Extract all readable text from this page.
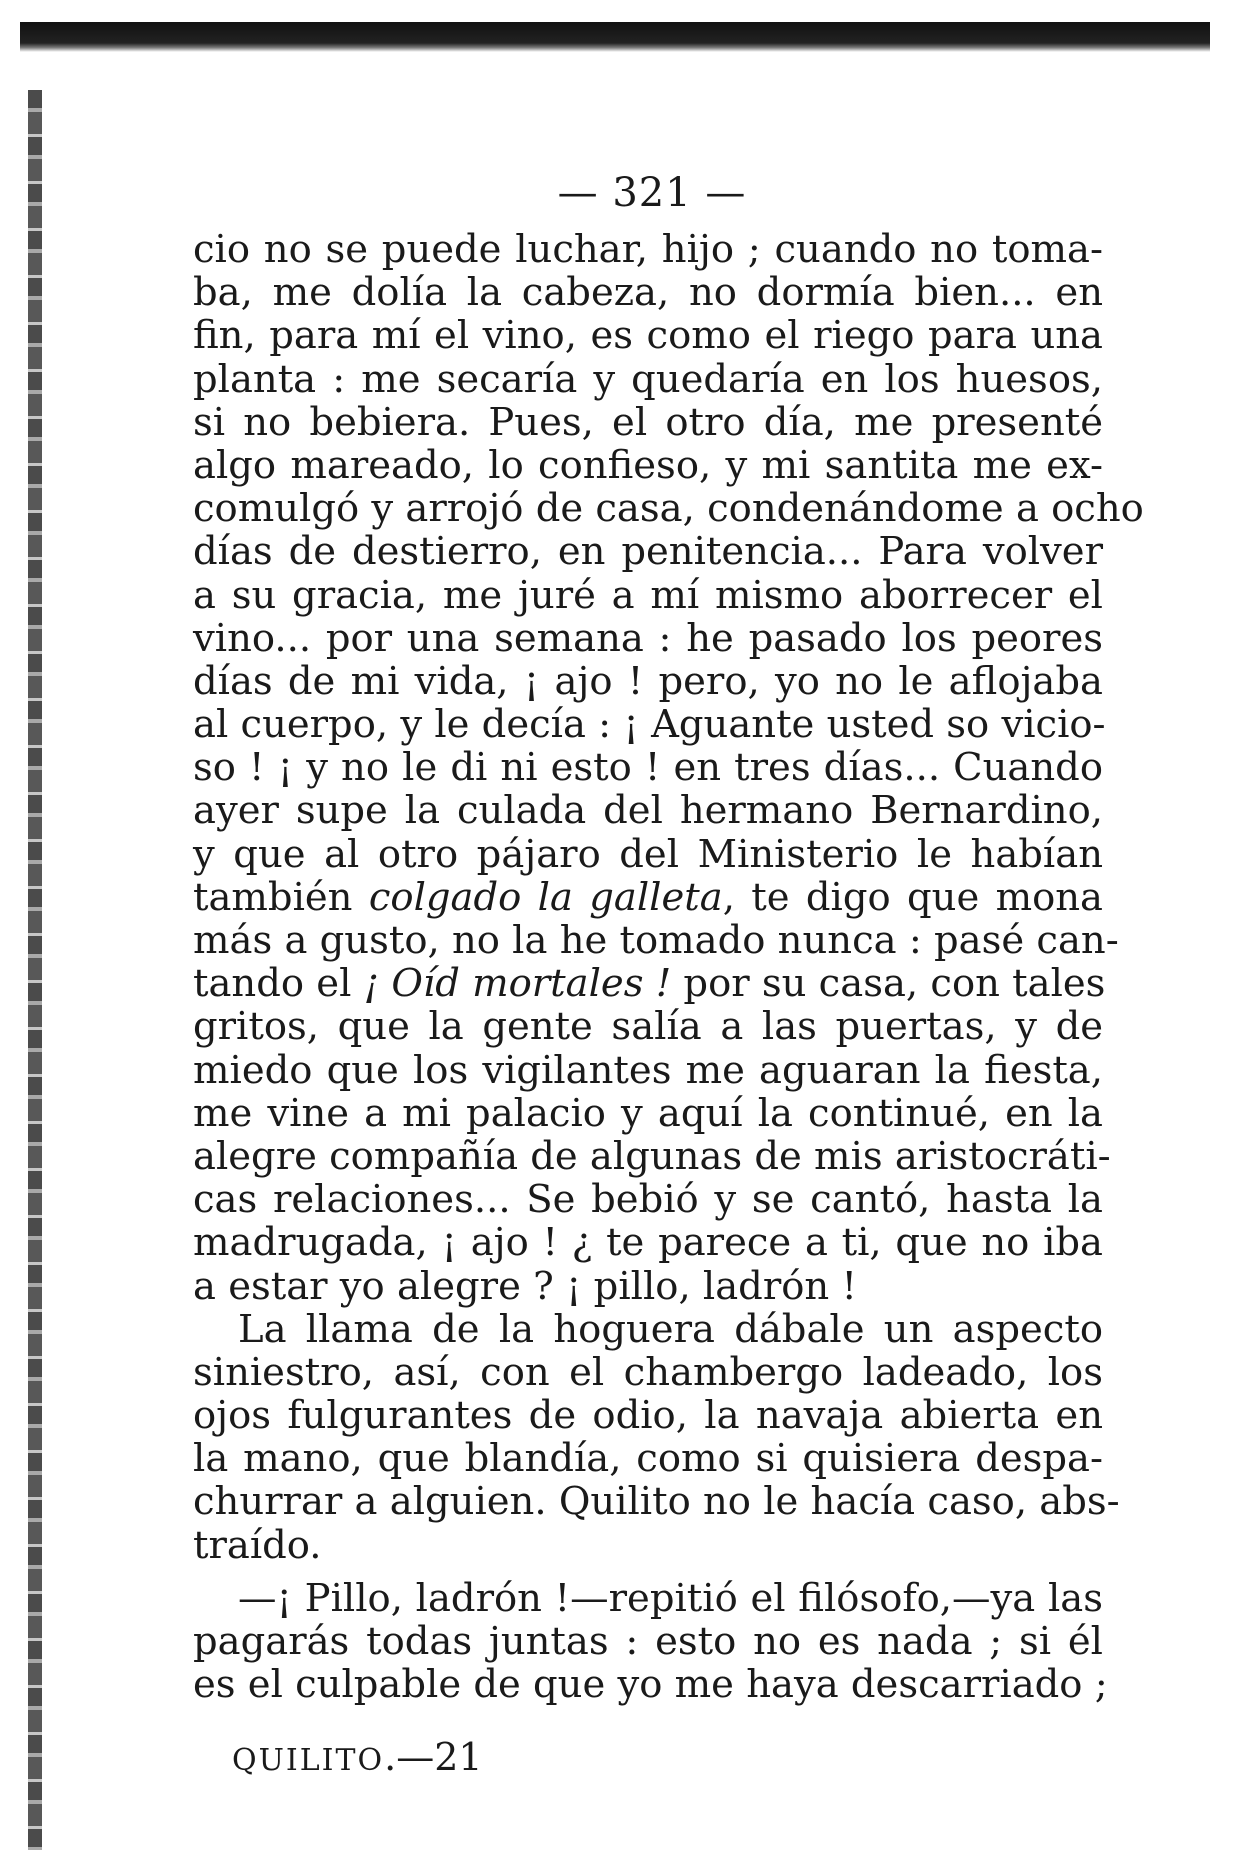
— 321 —
cio no se puede luchar, hijo ; cuando no toma-
ba, me dolía la cabeza, no dormía bien... en
fin, para mí el vino, es como el riego para una
planta : me secaría y quedaría en los huesos,
si no bebiera. Pues, el otro día, me presenté
algo mareado, lo confieso, y mi santita me ex-
comulgó y arrojó de casa, condenándome a ocho
días de destierro, en penitencia... Para volver
a su gracia, me juré a mí mismo aborrecer el
vino... por una semana : he pasado los peores
días de mi vida, ¡ ajo ! pero, yo no le aflojaba
al cuerpo, y le decía : ¡ Aguante usted so vicio-
so ! ¡ y no le di ni esto ! en tres días... Cuando
ayer supe la culada del hermano Bernardino,
y que al otro pájaro del Ministerio le habían
también colgado la galleta, te digo que mona
más a gusto, no la he tomado nunca : pasé can-
tando el ¡ Oíd mortales ! por su casa, con tales
gritos, que la gente salía a las puertas, y de
miedo que los vigilantes me aguaran la fiesta,
me vine a mi palacio y aquí la continué, en la
alegre compañía de algunas de mis aristocráti-
cas relaciones... Se bebió y se cantó, hasta la
madrugada, ¡ ajo ! ¿ te parece a ti, que no iba
a estar yo alegre ? ¡ pillo, ladrón !
La llama de la hoguera dábale un aspecto
siniestro, así, con el chambergo ladeado, los
ojos fulgurantes de odio, la navaja abierta en
la mano, que blandía, como si quisiera despa-
churrar a alguien. Quilito no le hacía caso, abs-
traído.
—¡ Pillo, ladrón !—repitió el filósofo,—ya las
pagarás todas juntas : esto no es nada ; si él
es el culpable de que yo me haya descarriado ;
QUILITO.—21
